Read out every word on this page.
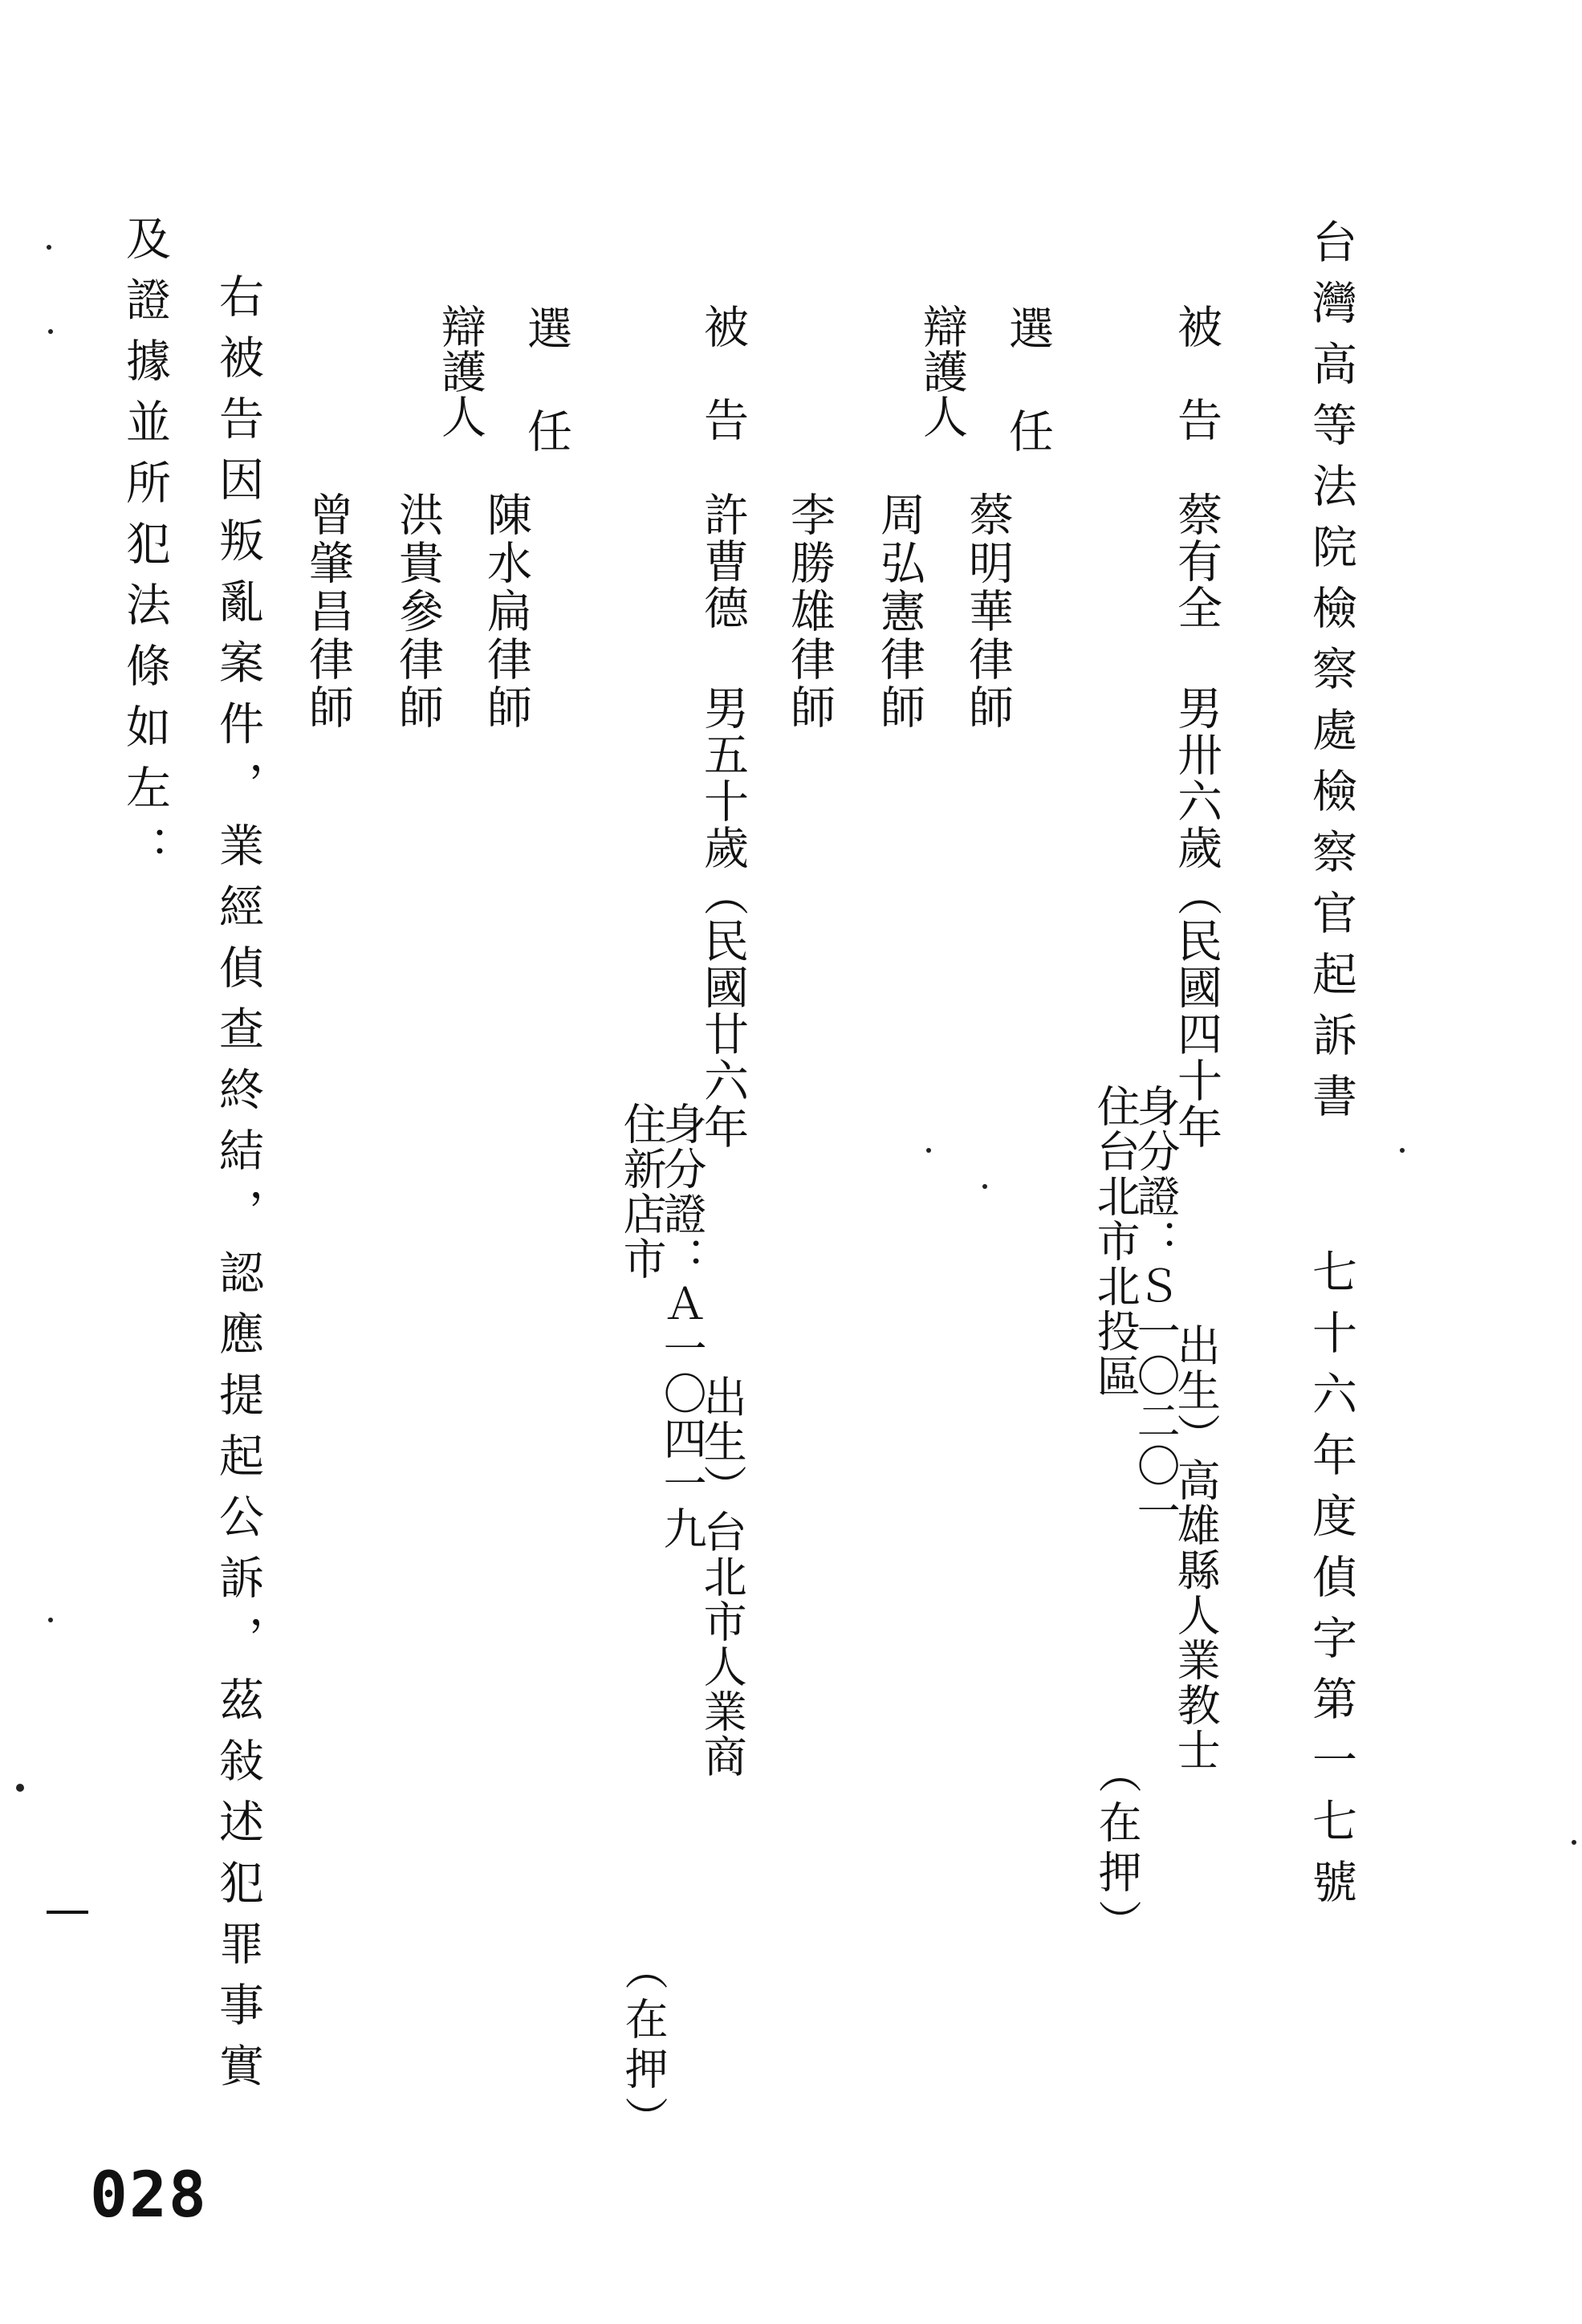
台灣高等法院檢察處檢察官起訴書
七十六年度偵字第一七號
被告
蔡有全 男卅六歲（民國四十年
出生）高雄縣人業教士
身分證：Ｓ一〇二〇一
住台北市北投區
（在押）
選任
辯護人
蔡明華律師
周弘憲律師
李勝雄律師
被告
許曹德 男五十歲（民國廿六年
出生）台北市人業商
身分證：Ａ一〇四一九
住新店市
（在押）
選任
辯護人
陳水扁律師
洪貴參律師
曾肇昌律師
右被告因叛亂案件，業經偵查終結，認應提起公訴，茲敍述犯罪事實
及證據並所犯法條如左：
028
